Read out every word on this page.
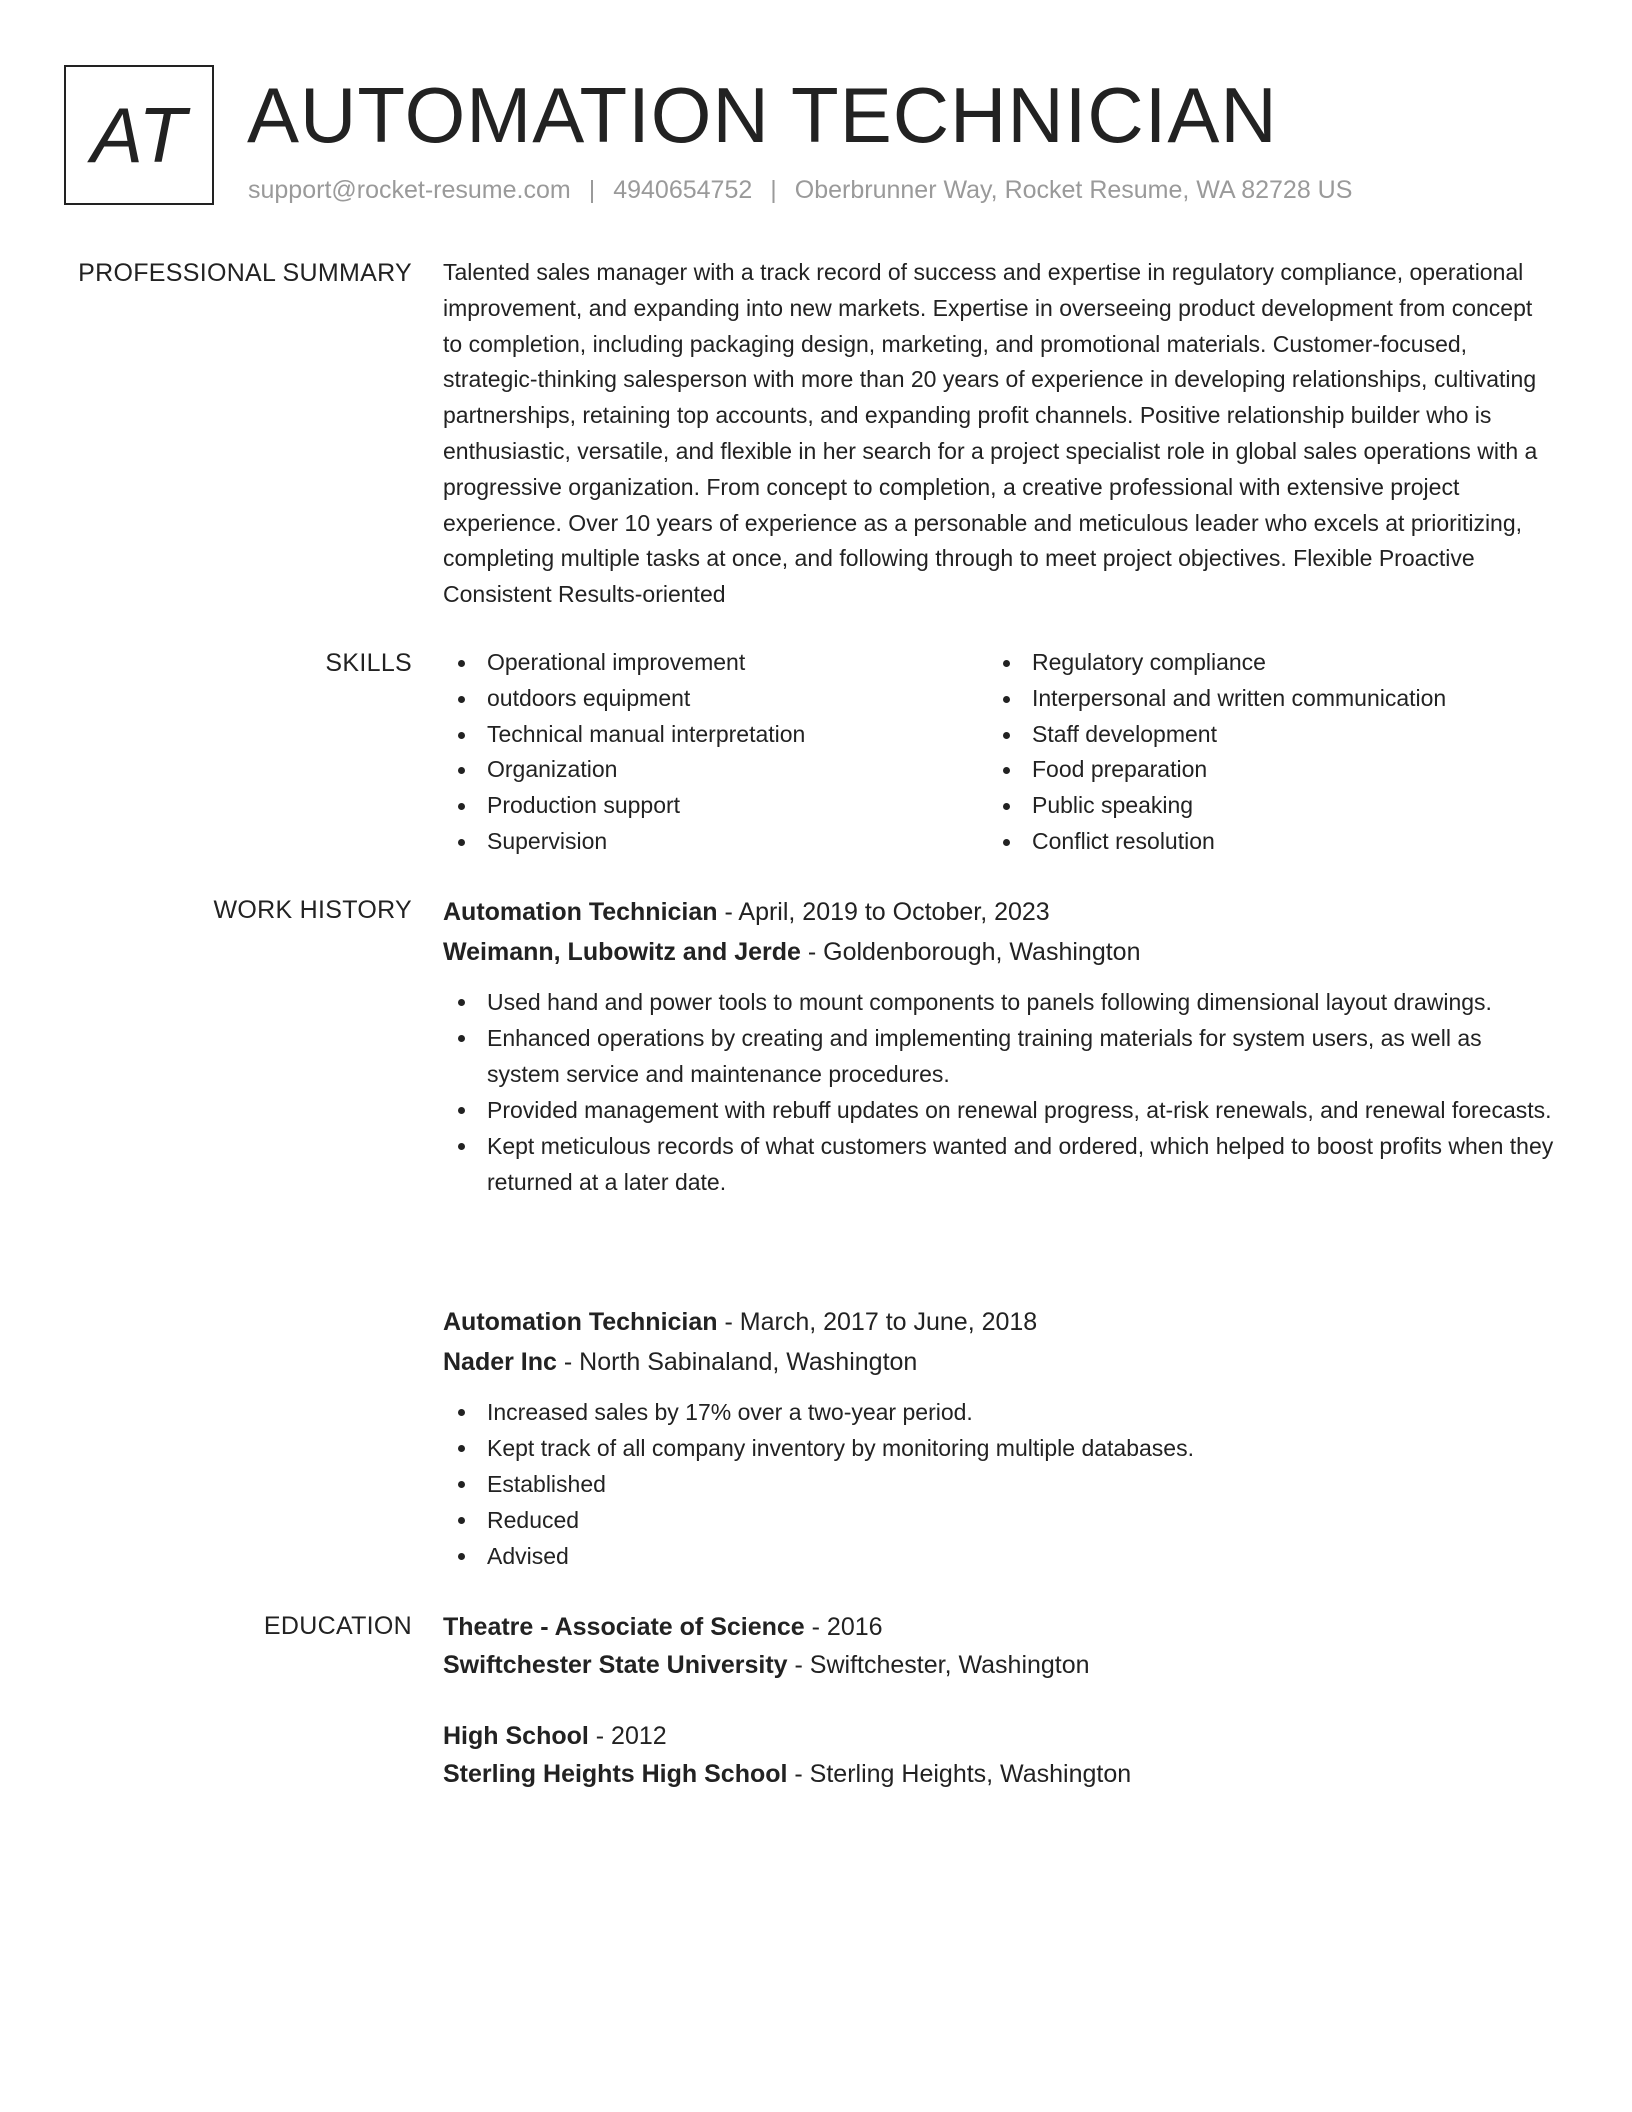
AT AUTOMATION TECHNICIAN
support@rocket-resume.com | 4940654752 | Oberbrunner Way, Rocket Resume, WA 82728 US
PROFESSIONAL SUMMARY Talented sales manager with a track record of success and expertise in regulatory compliance, operational improvement, and expanding into new markets. Expertise in overseeing product development from concept to completion, including packaging design, marketing, and promotional materials. Customer-focused, strategic-thinking salesperson with more than 20 years of experience in developing relationships, cultivating partnerships, retaining top accounts, and expanding profit channels. Positive relationship builder who is enthusiastic, versatile, and flexible in her search for a project specialist role in global sales operations with a progressive organization. From concept to completion, a creative professional with extensive project experience. Over 10 years of experience as a personable and meticulous leader who excels at prioritizing, completing multiple tasks at once, and following through to meet project objectives. Flexible Proactive Consistent Results-oriented

SKILLS	Operational improvement
outdoors equipment
Technical manual interpretation
Organization
Production support
Supervision
Regulatory compliance
Interpersonal and written communication
Staff development
Food preparation
Public speaking
Conflict resolution
WORK HISTORY Automation Technician - April, 2019 to October, 2023
Weimann, Lubowitz and Jerde - Goldenborough, Washington
Used hand and power tools to mount components to panels following dimensional layout drawings.
Enhanced operations by creating and implementing training materials for system users, as well as system service and maintenance procedures.
Provided management with rebuff updates on renewal progress, at-risk renewals, and renewal forecasts.
Kept meticulous records of what customers wanted and ordered, which helped to boost profits when they returned at a later date.
Automation Technician - March, 2017 to June, 2018
Nader Inc - North Sabinaland, Washington
Increased sales by 17% over a two-year period.
Kept track of all company inventory by monitoring multiple databases.
Established
Reduced
Advised
EDUCATION Theatre - Associate of Science - 2016
Swiftchester State University - Swiftchester, Washington
High School - 2012
Sterling Heights High School - Sterling Heights, Washington
